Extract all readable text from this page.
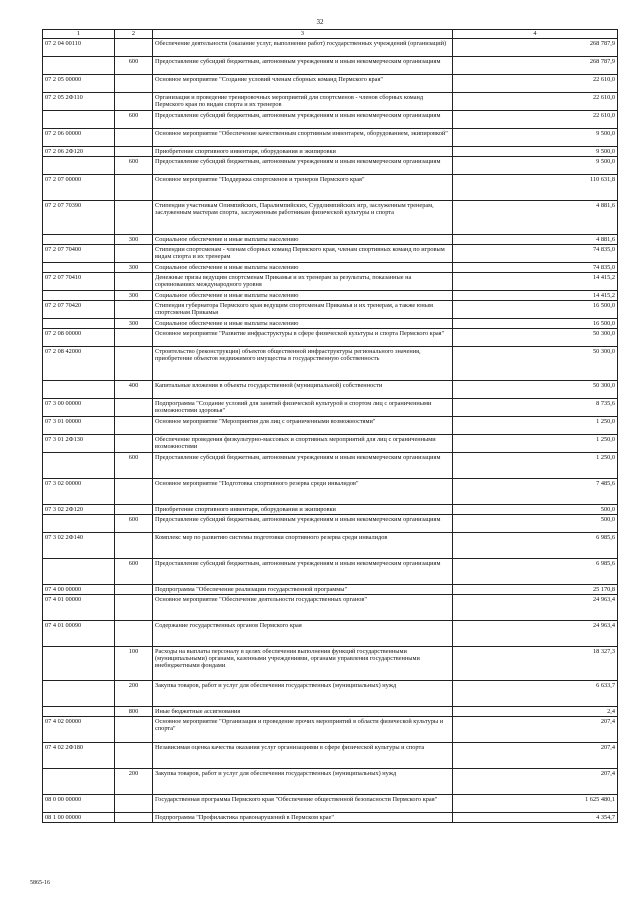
32
1	2	3	4
07 2 04 00110		Обеспечение деятельности (оказание услуг, выполнение работ) государственных учреждений (организаций)	268 787,9
	600	Предоставление субсидий бюджетным, автономным учреждениям и иным некоммерческим организациям	268 787,9
07 2 05 00000		Основное мероприятие "Создание условий членам сборных команд Пермского края"	22 610,0
07 2 05 2Ф110		Организация и проведение тренировочных мероприятий для спортсменов - членов сборных команд Пермского края по видам спорта и их тренеров	22 610,0
	600	Предоставление субсидий бюджетным, автономным учреждениям и иным некоммерческим организациям	22 610,0
07 2 06 00000		Основное мероприятие "Обеспечение качественным спортивным инвентарем, оборудованием, экипировкой"	9 500,0
07 2 06 2Ф120		Приобретение спортивного инвентаря, оборудования и экипировки	9 500,0
	600	Предоставление субсидий бюджетным, автономным учреждениям и иным некоммерческим организациям	9 500,0
07 2 07 00000		Основное мероприятие "Поддержка спортсменов и тренеров Пермского края"	110 631,8
07 2 07 70390		Стипендии участникам Олимпийских, Паралимпийских, Сурдлимпийских игр, заслуженным тренерам, заслуженным мастерам спорта, заслуженным работникам физической культуры и спорта	4 881,6
	300	Социальное обеспечение и иные выплаты населению	4 881,6
07 2 07 70400		Стипендии спортсменам - членам сборных команд Пермского края, членам спортивных команд по игровым видам спорта и их тренерам	74 835,0
	300	Социальное обеспечение и иные выплаты населению	74 835,0
07 2 07 70410		Денежные призы ведущим спортсменам Прикамья и их тренерам за результаты, показанные на соревнованиях международного уровня	14 415,2
	300	Социальное обеспечение и иные выплаты населению	14 415,2
07 2 07 70420		Стипендия губернатора Пермского края ведущим спортсменам Прикамья и их тренерам, а также юным спортсменам Прикамья	16 500,0
	300	Социальное обеспечение и иные выплаты населению	16 500,0
07 2 08 00000		Основное мероприятие "Развитие инфраструктуры в сфере физической культуры и спорта Пермского края"	50 300,0
07 2 08 42000		Строительство (реконструкция) объектов общественной инфраструктуры регионального значения, приобретение объектов недвижимого имущества в государственную собственность	50 300,0
	400	Капитальные вложения в объекты государственной (муниципальной) собственности	50 300,0
07 3 00 00000		Подпрограмма "Создание условий для занятий физической культурой и спортом лиц с ограниченными возможностями здоровья"	8 735,6
07 3 01 00000		Основное мероприятие "Мероприятия для лиц с ограниченными возможностями"	1 250,0
07 3 01 2Ф130		Обеспечение проведения физкультурно-массовых и спортивных мероприятий для лиц с ограниченными возможностями	1 250,0
	600	Предоставление субсидий бюджетным, автономным учреждениям и иным некоммерческим организациям	1 250,0
07 3 02 00000		Основное мероприятие "Подготовка спортивного резерва среди инвалидов"	7 485,6
07 3 02 2Ф120		Приобретение спортивного инвентаря, оборудования и экипировки	500,0
	600	Предоставление субсидий бюджетным, автономным учреждениям и иным некоммерческим организациям	500,0
07 3 02 2Ф140		Комплекс мер по развитию системы подготовки спортивного резерва среди инвалидов	6 985,6
	600	Предоставление субсидий бюджетным, автономным учреждениям и иным некоммерческим организациям	6 985,6
07 4 00 00000		Подпрограмма "Обеспечение реализации государственной программы"	25 170,8
07 4 01 00000		Основное мероприятие "Обеспечение деятельности государственных органов"	24 963,4
07 4 01 00090		Содержание государственных органов Пермского края	24 963,4
	100	Расходы на выплаты персоналу в целях обеспечения выполнения функций государственными (муниципальными) органами, казенными учреждениями, органами управления государственными внебюджетными фондами	18 327,3
	200	Закупка товаров, работ и услуг для обеспечения государственных (муниципальных) нужд	6 633,7
	800	Иные бюджетные ассигнования	2,4
07 4 02 00000		Основное мероприятие "Организация и проведение прочих мероприятий в области физической культуры и спорта"	207,4
07 4 02 2Ф180		Независимая оценка качества оказания услуг организациями в сфере физической культуры и спорта	207,4
	200	Закупка товаров, работ и услуг для обеспечения государственных (муниципальных) нужд	207,4
08 0 00 00000		Государственная программа Пермского края "Обеспечение общественной безопасности Пермского края"	1 625 480,1
08 1 00 00000		Подпрограмма "Профилактика правонарушений в Пермском крае"	4 354,7
5865-16
